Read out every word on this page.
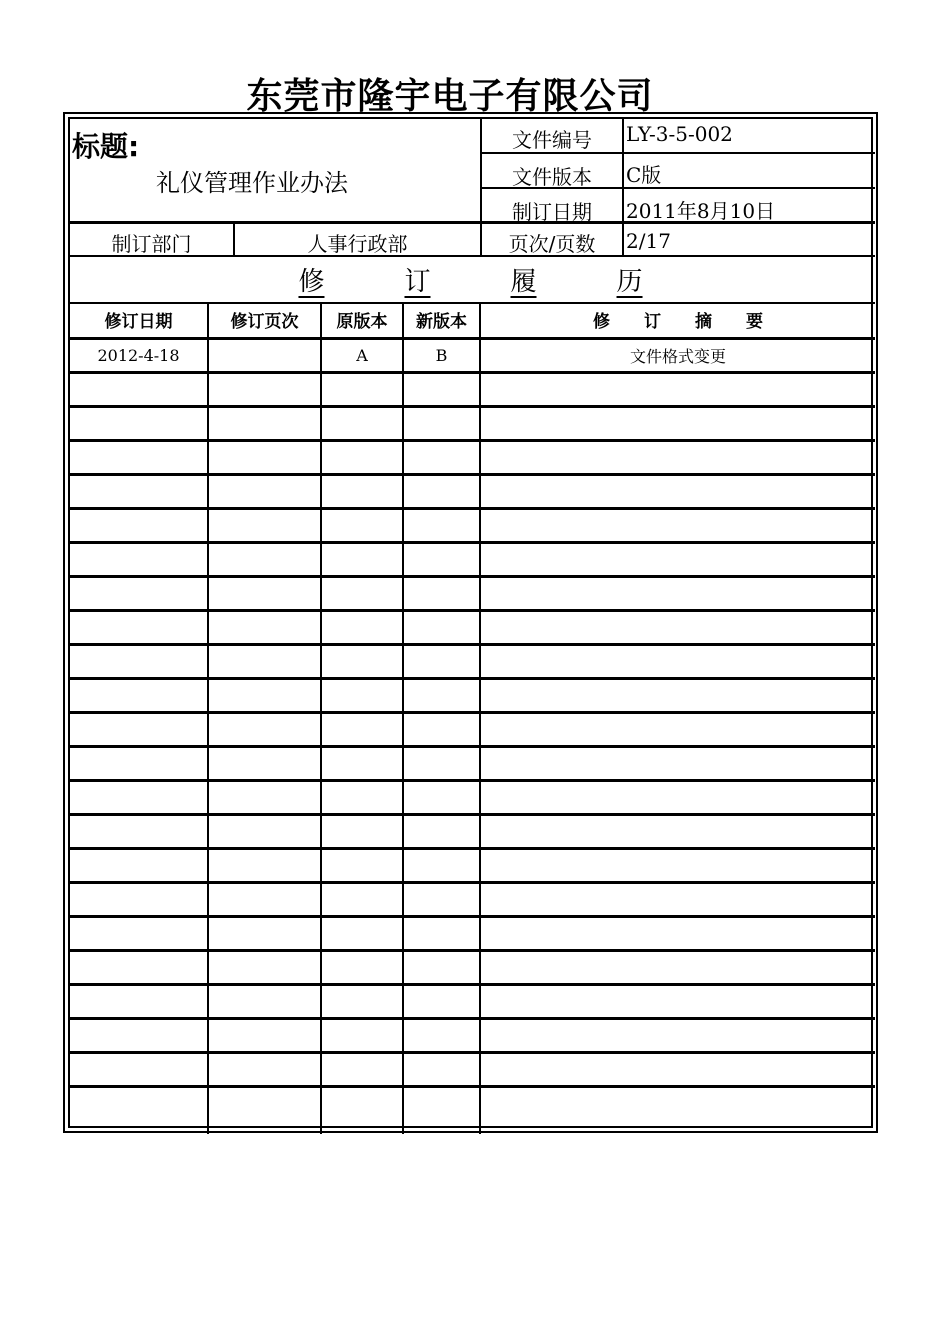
东莞市隆宇电子有限公司
标题:
礼仪管理作业办法
文件编号	LY-3-5-002
文件版本	C版
制订日期	2011年8月10日
制订部门	人事行政部	页次/页数	2/17
修	订	履	历
修订日期	修订页次	原版本	新版本	修　　订　　摘　　要
2012-4-18		A	B	文件格式变更
